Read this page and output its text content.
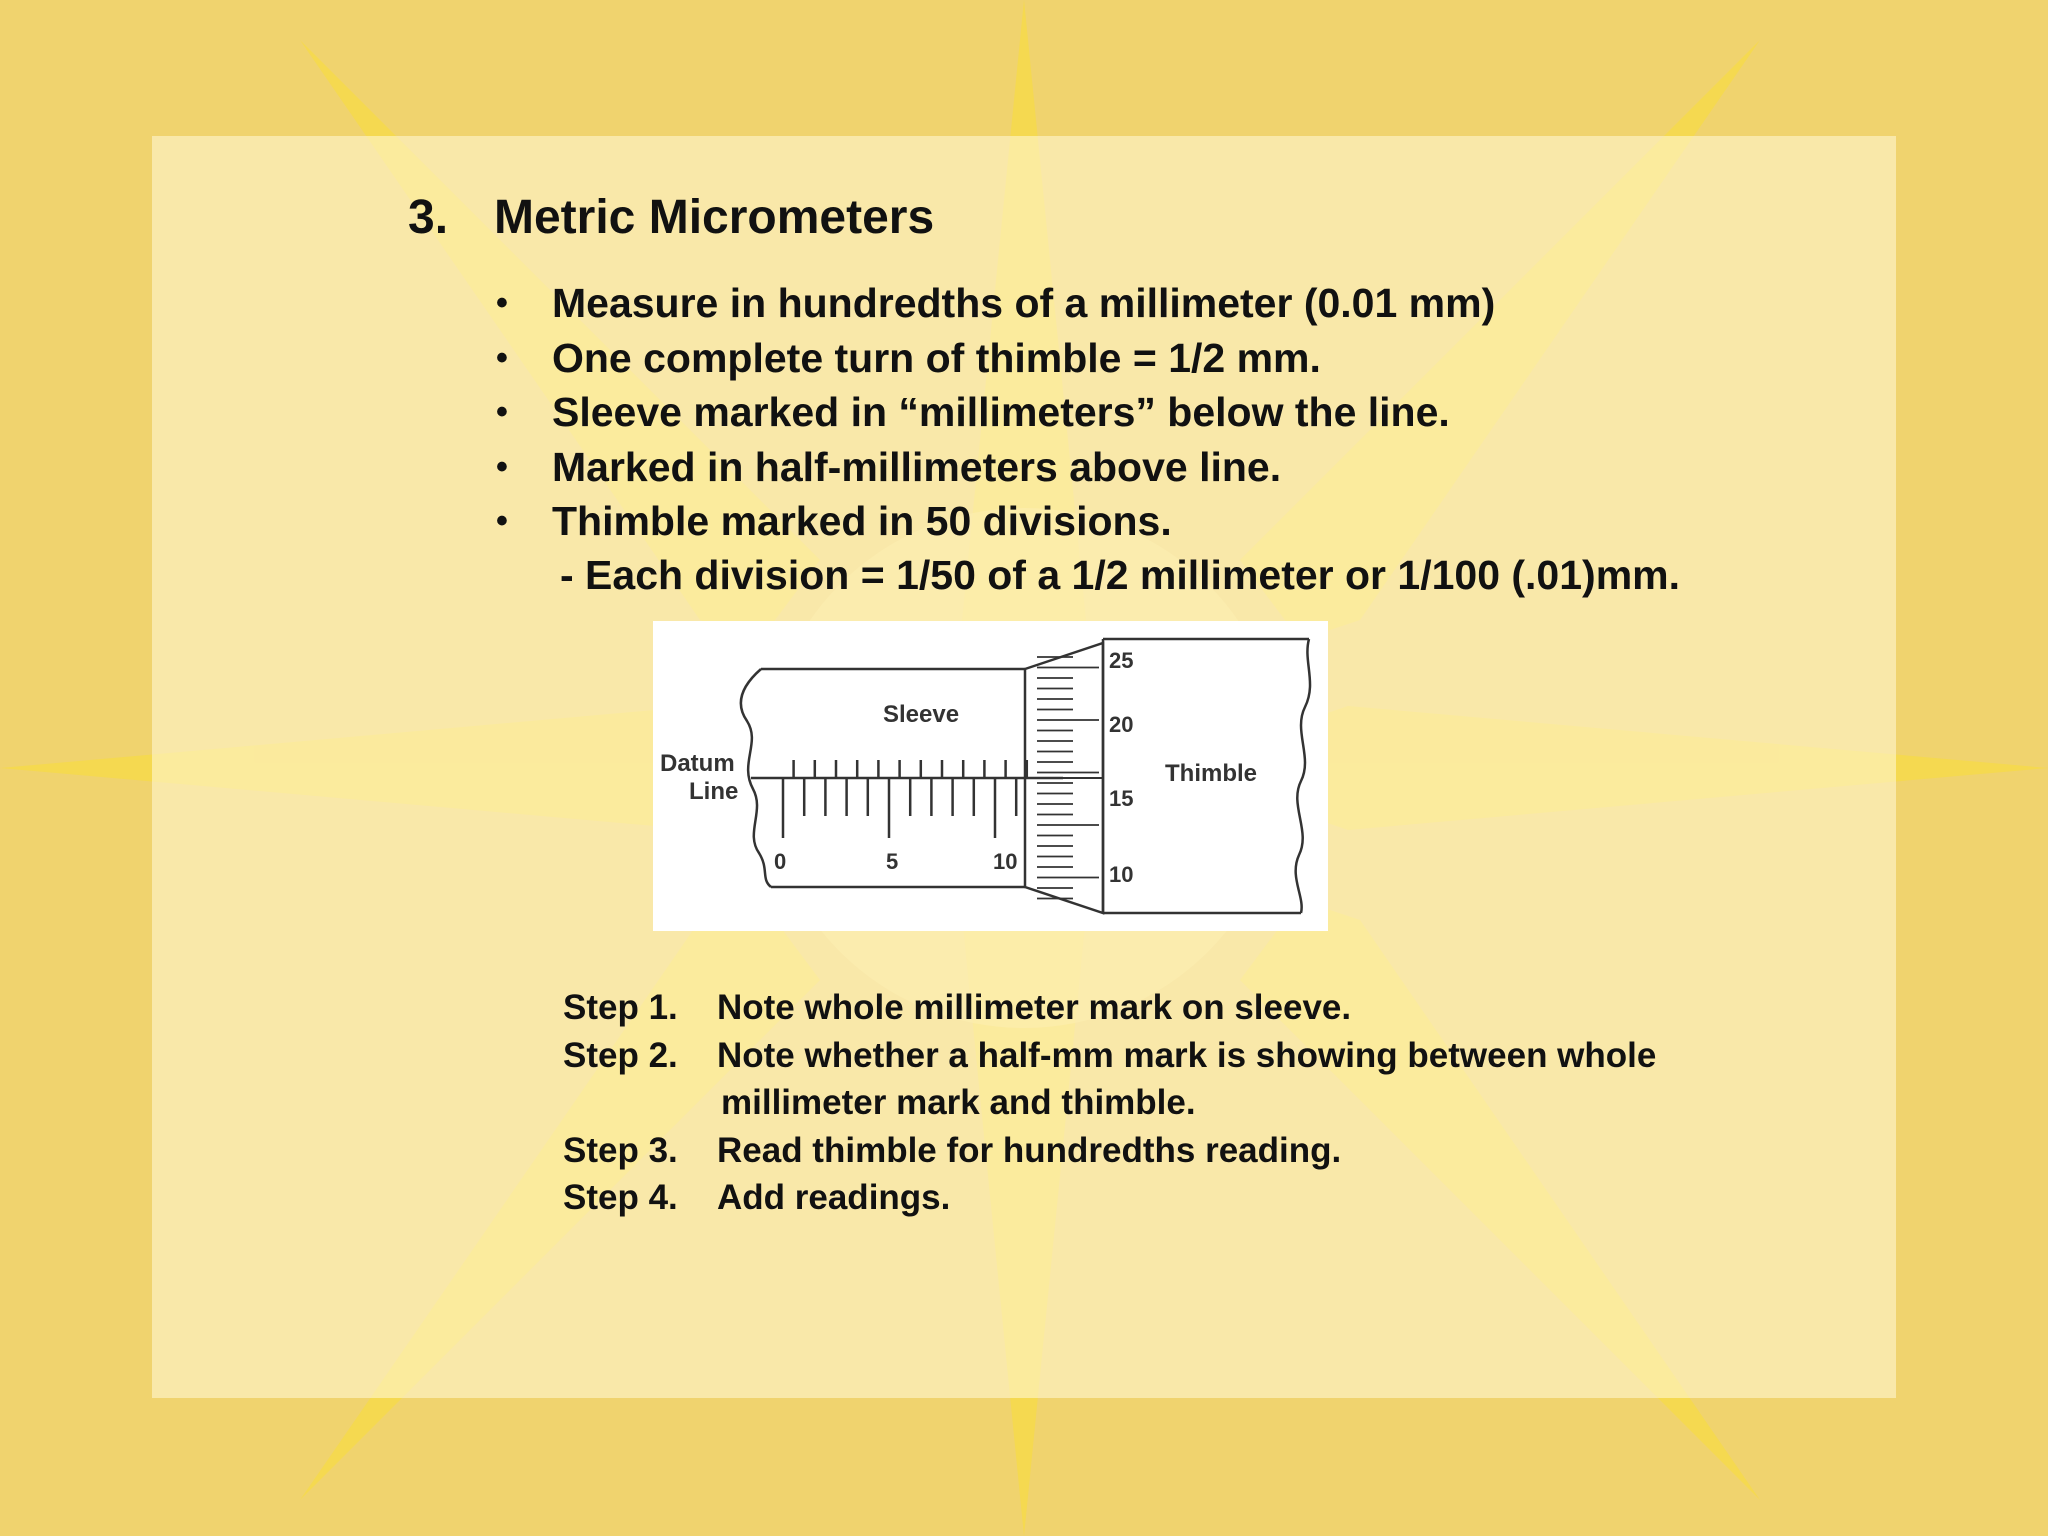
3. Metric Micrometers
• Measure in hundredths of a millimeter (0.01 mm)
• One complete turn of thimble = 1/2 mm.
• Sleeve marked in “millimeters” below the line.
• Marked in half-millimeters above line.
• Thimble marked in 50 divisions.
- Each division = 1/50 of a 1/2 millimeter or 1/100 (.01)mm.
Sleeve
Datum
Line
Thimble
0	5	10
25
20
15
10
Step 1. Note whole millimeter mark on sleeve.
Step 2. Note whether a half-mm mark is showing between whole
millimeter mark and thimble.
Step 3. Read thimble for hundredths reading.
Step 4. Add readings.
